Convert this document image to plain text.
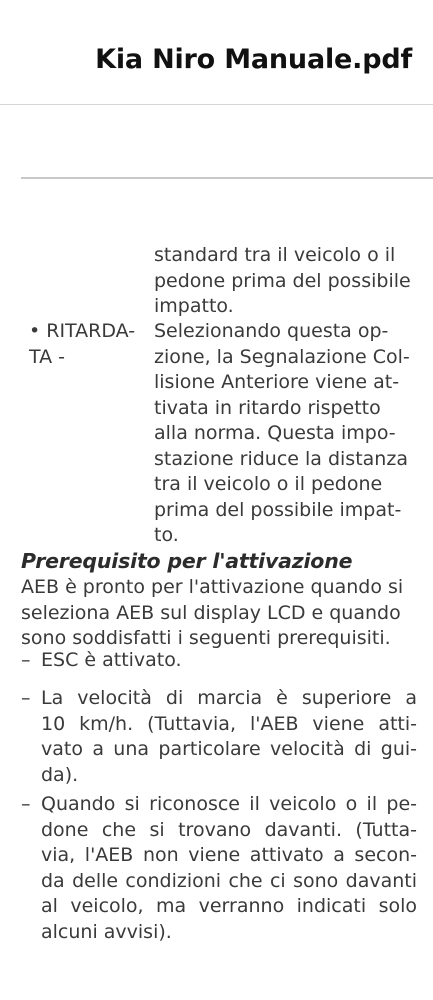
Kia Niro Manuale.pdf
standard tra il veicolo o il
pedone prima del possibile
impatto.
• RITARDA-
TA -
Selezionando questa op-
zione, la Segnalazione Col-
lisione Anteriore viene at-
tivata in ritardo rispetto
alla norma. Questa impo-
stazione riduce la distanza
tra il veicolo o il pedone
prima del possibile impat-
to.
Prerequisito per l'attivazione
AEB è pronto per l'attivazione quando si
seleziona AEB sul display LCD e quando
sono soddisfatti i seguenti prerequisiti.
– ESC è attivato.
– La velocità di marcia è superiore a
10 km/h. (Tuttavia, l'AEB viene atti-
vato a una particolare velocità di gui-
da).
– Quando si riconosce il veicolo o il pe-
done che si trovano davanti. (Tutta-
via, l'AEB non viene attivato a secon-
da delle condizioni che ci sono davanti
al veicolo, ma verranno indicati solo
alcuni avvisi).
